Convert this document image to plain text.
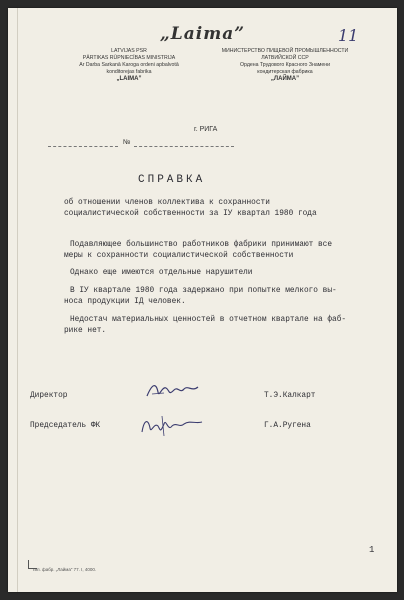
„Laima”
LATVIJAS PSR
PĀRTIKAS RŪPNIECĪBAS MINISTRIJA
Ar Darba Sarkanā Karoga ordeni apbalvotā
konditorejas fabrika
„LAIMA”
МИНИСТЕРСТВО ПИЩЕВОЙ ПРОМЫШЛЕННОСТИ
ЛАТВИЙСКОЙ ССР
Ордена Трудового Красного Знамени
кондитерская фабрика
„ЛАЙМА”
11
г. РИГА
№
СПРАВКА
об отношении членов коллектива к сохранности
социалистической собственности за ІУ квартал 1980 года
Подавляющее большинство работников фабрики принимают все
меры к сохранности социалистической собственности
Однако еще имеются отдельные нарушители
В ІУ квартале 1980 года задержано при попытке мелкого вы-
носа продукции ІД человек.
Недостач материальных ценностей в отчетном квартале на фаб-
рике нет.
Директор	Т.Э.Калкарт
Председатель ФК	Г.А.Ругена
1
Тип. фабр. „Лайма” 77. I, 4000.
